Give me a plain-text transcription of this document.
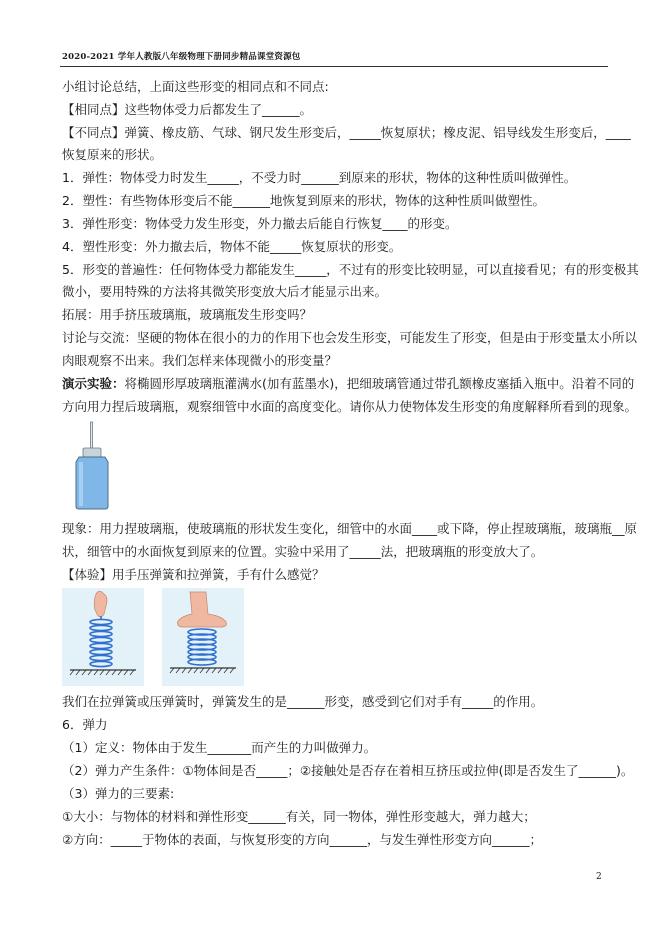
2020-2021 学年人教版八年级物理下册同步精品课堂资源包
小组讨论总结，上面这些形变的相同点和不同点:
【相同点】这些物体受力后都发生了______。
【不同点】弹簧、橡皮筋、气球、钢尺发生形变后，_____恢复原状；橡皮泥、铝导线发生形变后，____
恢复原来的形状。
1．弹性：物体受力时发生_____，不受力时______到原来的形状，物体的这种性质叫做弹性。
2．塑性：有些物体形变后不能______地恢复到原来的形状，物体的这种性质叫做塑性。
3．弹性形变：物体受力发生形变，外力撤去后能自行恢复____的形变。
4．塑性形变：外力撤去后，物体不能_____恢复原状的形变。
5．形变的普遍性：任何物体受力都能发生_____，不过有的形变比较明显，可以直接看见；有的形变极其
微小，要用特殊的方法将其微笑形变放大后才能显示出来。
拓展：用手挤压玻璃瓶，玻璃瓶发生形变吗？
讨论与交流：坚硬的物体在很小的力的作用下也会发生形变，可能发生了形变，但是由于形变量太小所以
肉眼观察不出来。我们怎样来体现微小的形变量？
演示实验：将椭圆形厚玻璃瓶灌满水(加有蓝墨水)，把细玻璃管通过带孔额橡皮塞插入瓶中。沿着不同的
方向用力捏后玻璃瓶，观察细管中水面的高度变化。请你从力使物体发生形变的角度解释所看到的现象。
现象：用力捏玻璃瓶，使玻璃瓶的形状发生变化，细管中的水面____或下降，停止捏玻璃瓶，玻璃瓶__原
状，细管中的水面恢复到原来的位置。实验中采用了_____法，把玻璃瓶的形变放大了。
【体验】用手压弹簧和拉弹簧，手有什么感觉？
我们在拉弹簧或压弹簧时，弹簧发生的是______形变，感受到它们对手有_____的作用。
6．弹力
（1）定义：物体由于发生_______而产生的力叫做弹力。
（2）弹力产生条件：①物体间是否_____；②接触处是否存在着相互挤压或拉伸(即是否发生了______)。
（3）弹力的三要素:
①大小：与物体的材料和弹性形变______有关，同一物体，弹性形变越大，弹力越大；
②方向：_____于物体的表面，与恢复形变的方向______，与发生弹性形变方向______；
2
